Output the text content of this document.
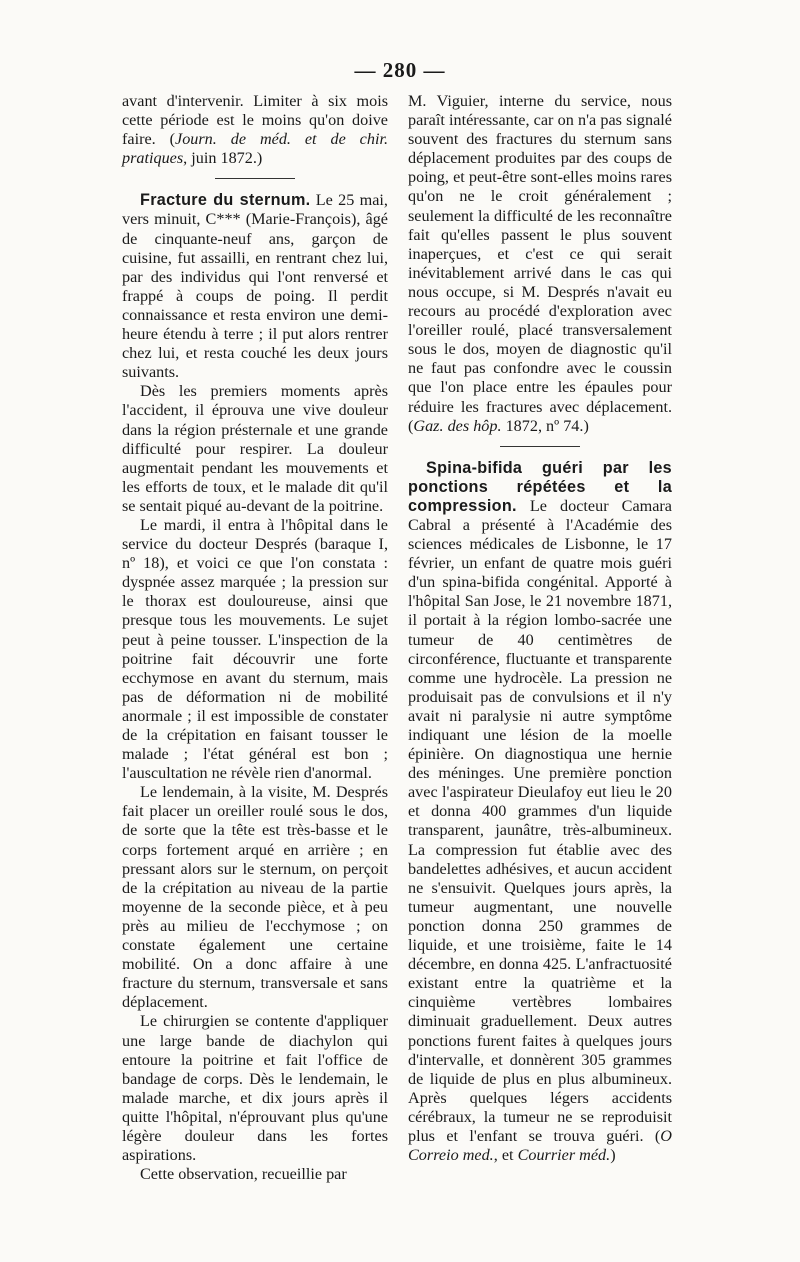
— 280 —

avant d'intervenir. Limiter à six mois cette période est le moins qu'on doive faire. (Journ. de méd. et de chir. pratiques, juin 1872.)

Fracture du sternum. Le 25 mai, vers minuit, C*** (Marie-François), âgé de cinquante-neuf ans, garçon de cuisine, fut assailli, en rentrant chez lui, par des individus qui l'ont renversé et frappé à coups de poing. Il perdit connaissance et resta environ une demi-heure étendu à terre ; il put alors rentrer chez lui, et resta couché les deux jours suivants.

Dès les premiers moments après l'accident, il éprouva une vive douleur dans la région présternale et une grande difficulté pour respirer. La douleur augmentait pendant les mouvements et les efforts de toux, et le malade dit qu'il se sentait piqué au-devant de la poitrine.

Le mardi, il entra à l'hôpital dans le service du docteur Després (baraque I, nº 18), et voici ce que l'on constata : dyspnée assez marquée ; la pression sur le thorax est douloureuse, ainsi que presque tous les mouvements. Le sujet peut à peine tousser. L'inspection de la poitrine fait découvrir une forte ecchymose en avant du sternum, mais pas de déformation ni de mobilité anormale ; il est impossible de constater de la crépitation en faisant tousser le malade ; l'état général est bon ; l'auscultation ne révèle rien d'anormal.

Le lendemain, à la visite, M. Després fait placer un oreiller roulé sous le dos, de sorte que la tête est très-basse et le corps fortement arqué en arrière ; en pressant alors sur le sternum, on perçoit de la crépitation au niveau de la partie moyenne de la seconde pièce, et à peu près au milieu de l'ecchymose ; on constate également une certaine mobilité. On a donc affaire à une fracture du sternum, transversale et sans déplacement.

Le chirurgien se contente d'appliquer une large bande de diachylon qui entoure la poitrine et fait l'office de bandage de corps. Dès le lendemain, le malade marche, et dix jours après il quitte l'hôpital, n'éprouvant plus qu'une légère douleur dans les fortes aspirations.

Cette observation, recueillie par

M. Viguier, interne du service, nous paraît intéressante, car on n'a pas signalé souvent des fractures du sternum sans déplacement produites par des coups de poing, et peut-être sont-elles moins rares qu'on ne le croit généralement ; seulement la difficulté de les reconnaître fait qu'elles passent le plus souvent inaperçues, et c'est ce qui serait inévitablement arrivé dans le cas qui nous occupe, si M. Després n'avait eu recours au procédé d'exploration avec l'oreiller roulé, placé transversalement sous le dos, moyen de diagnostic qu'il ne faut pas confondre avec le coussin que l'on place entre les épaules pour réduire les fractures avec déplacement. (Gaz. des hôp. 1872, nº 74.)

Spina-bifida guéri par les ponctions répétées et la compression. Le docteur Camara Cabral a présenté à l'Académie des sciences médicales de Lisbonne, le 17 février, un enfant de quatre mois guéri d'un spina-bifida congénital. Apporté à l'hôpital San Jose, le 21 novembre 1871, il portait à la région lombo-sacrée une tumeur de 40 centimètres de circonférence, fluctuante et transparente comme une hydrocèle. La pression ne produisait pas de convulsions et il n'y avait ni paralysie ni autre symptôme indiquant une lésion de la moelle épinière. On diagnostiqua une hernie des méninges. Une première ponction avec l'aspirateur Dieulafoy eut lieu le 20 et donna 400 grammes d'un liquide transparent, jaunâtre, très-albumineux. La compression fut établie avec des bandelettes adhésives, et aucun accident ne s'ensuivit. Quelques jours après, la tumeur augmentant, une nouvelle ponction donna 250 grammes de liquide, et une troisième, faite le 14 décembre, en donna 425. L'anfractuosité existant entre la quatrième et la cinquième vertèbres lombaires diminuait graduellement. Deux autres ponctions furent faites à quelques jours d'intervalle, et donnèrent 305 grammes de liquide de plus en plus albumineux. Après quelques légers accidents cérébraux, la tumeur ne se reproduisit plus et l'enfant se trouva guéri. (O Correio med., et Courrier méd.)
